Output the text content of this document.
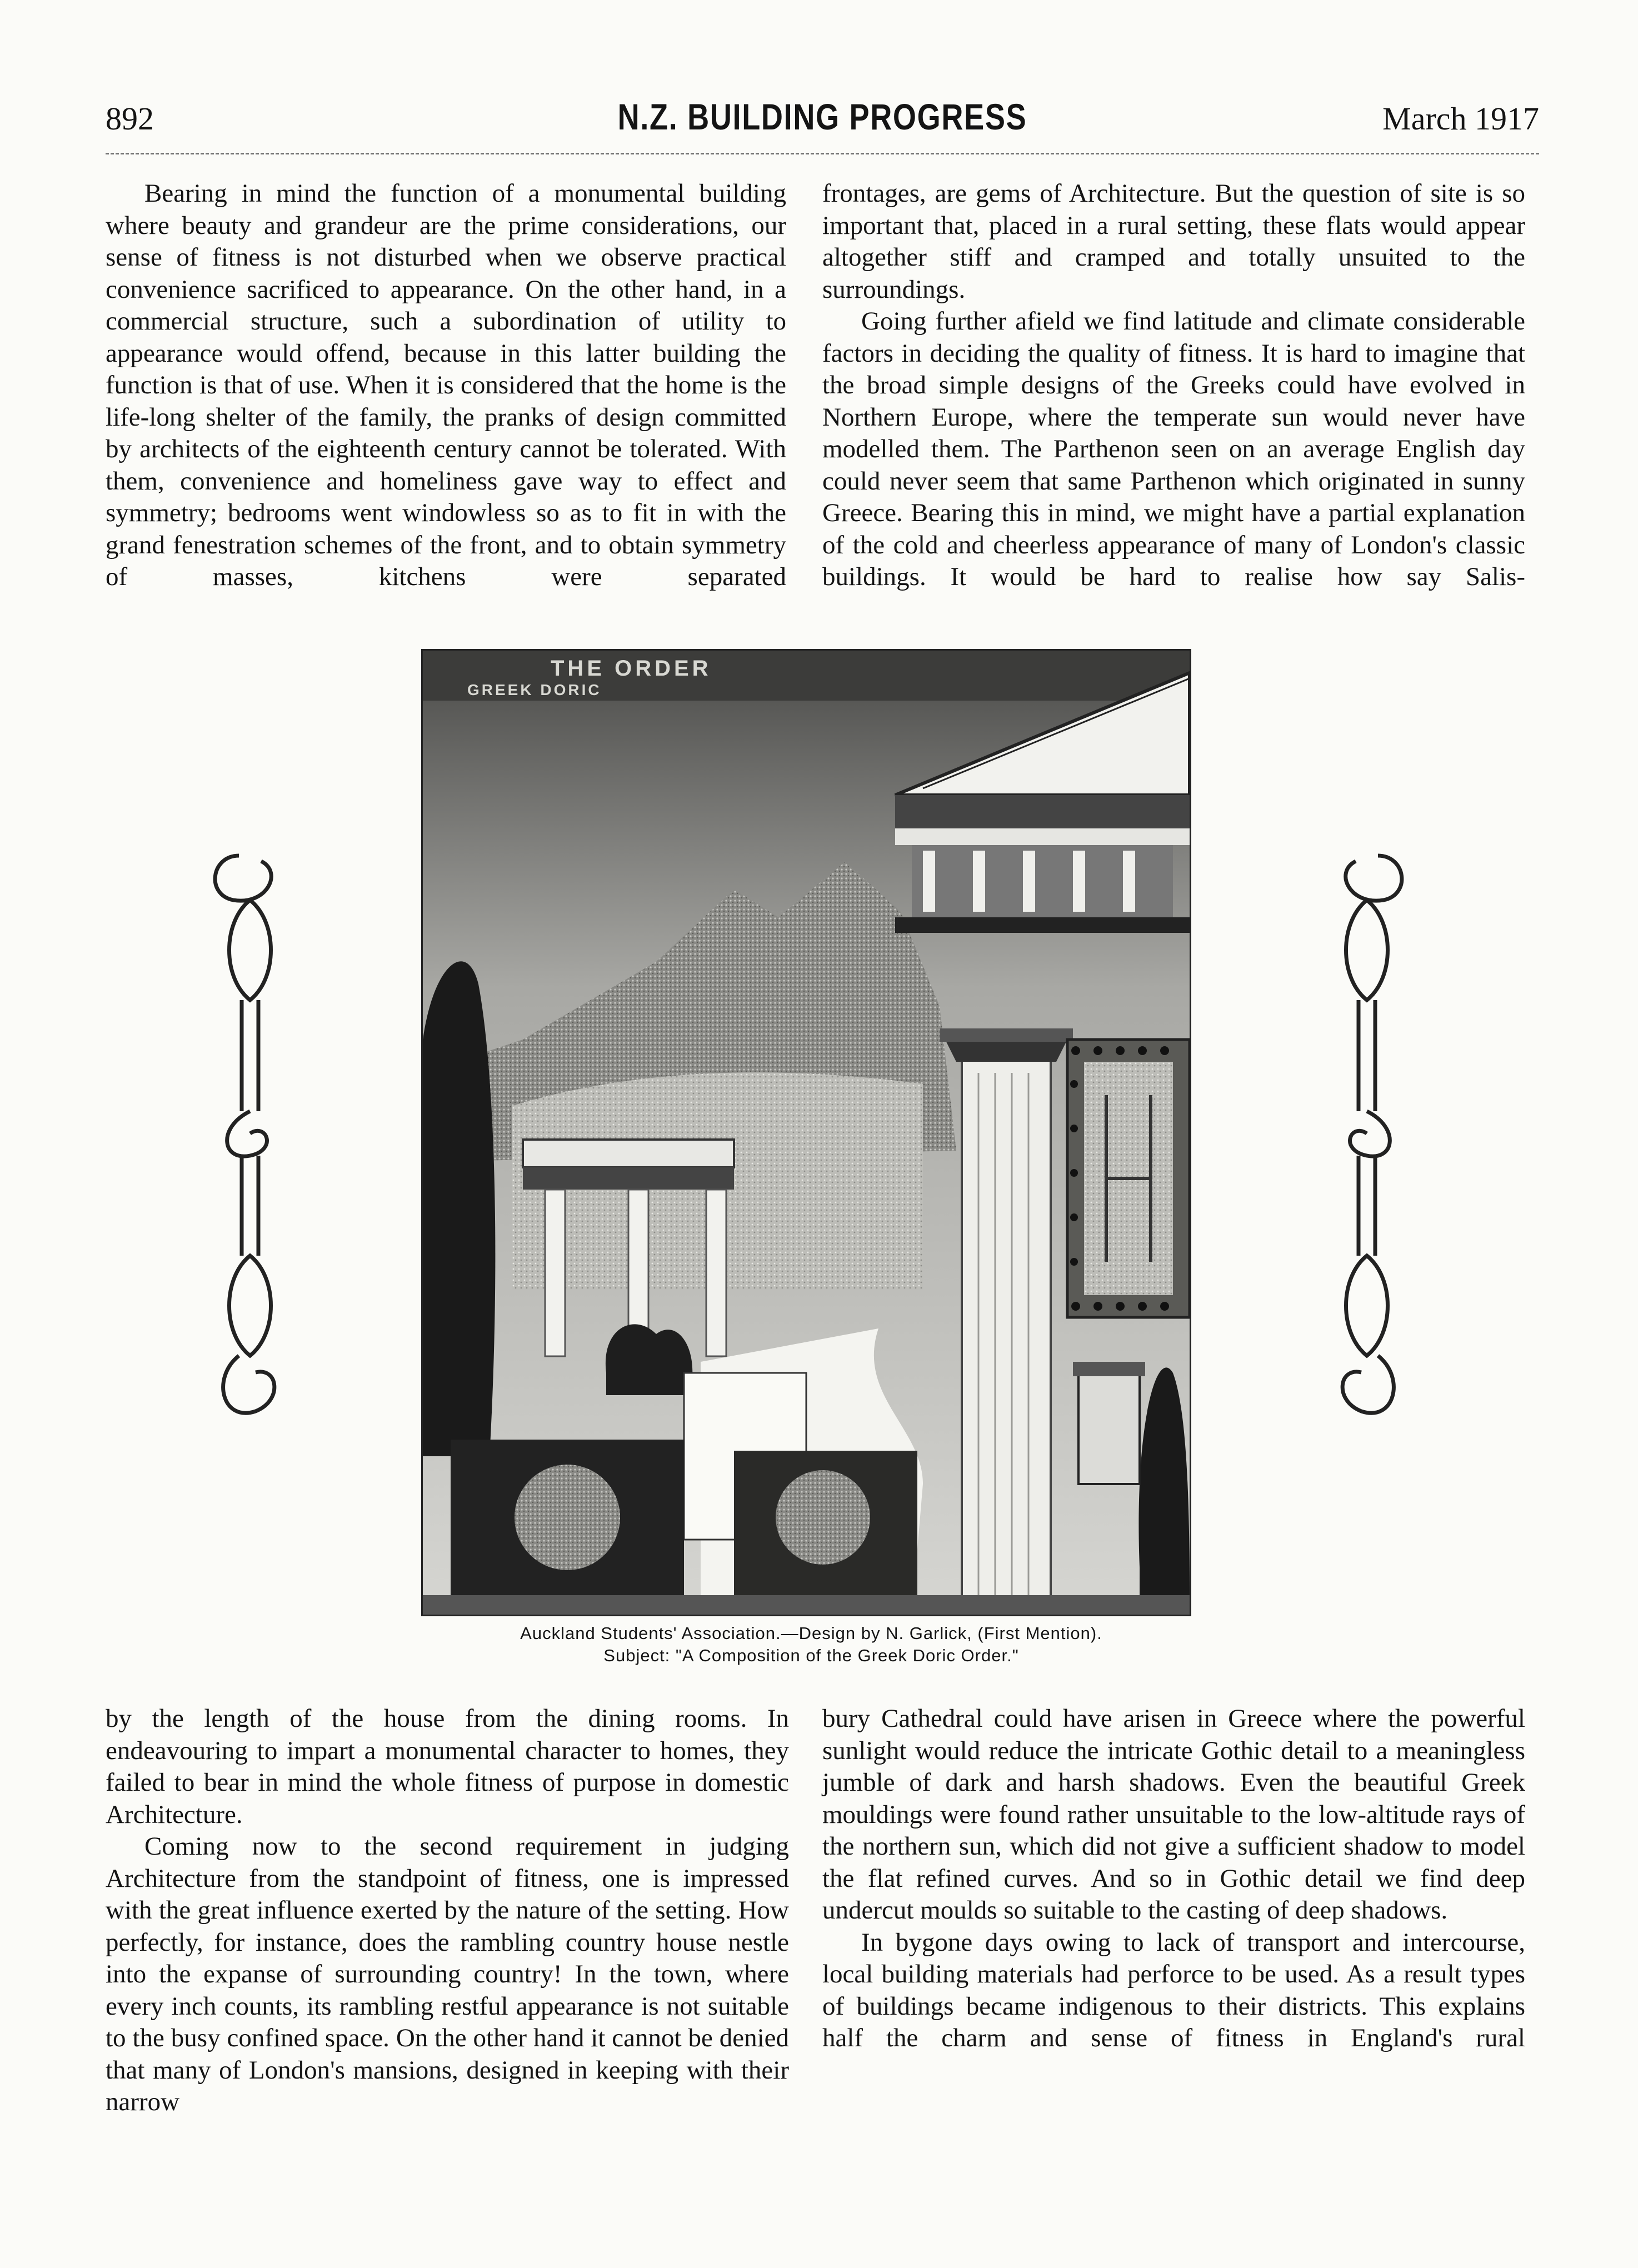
892	N.Z. BUILDING PROGRESS	March 1917

Bearing in mind the function of a monumental building where beauty and grandeur are the prime considerations, our sense of fitness is not disturbed when we observe practical convenience sacrificed to appearance. On the other hand, in a commercial structure, such a subordination of utility to appearance would offend, because in this latter building the function is that of use. When it is considered that the home is the life-long shelter of the family, the pranks of design committed by architects of the eighteenth century cannot be tolerated. With them, convenience and homeliness gave way to effect and symmetry; bedrooms went windowless so as to fit in with the grand fenestration schemes of the front, and to obtain symmetry of masses, kitchens were separated

frontages, are gems of Architecture. But the question of site is so important that, placed in a rural setting, these flats would appear altogether stiff and cramped and totally unsuited to the surroundings.

Going further afield we find latitude and climate considerable factors in deciding the quality of fitness. It is hard to imagine that the broad simple designs of the Greeks could have evolved in Northern Europe, where the temperate sun would never have modelled them. The Parthenon seen on an average English day could never seem that same Parthenon which originated in sunny Greece. Bearing this in mind, we might have a partial explanation of the cold and cheerless appearance of many of London's classic buildings. It would be hard to realise how say Salis-

THE ORDER
GREEK DORIC
Auckland Students' Association.—Design by N. Garlick, (First Mention).
Subject: "A Composition of the Greek Doric Order."

by the length of the house from the dining rooms. In endeavouring to impart a monumental character to homes, they failed to bear in mind the whole fitness of purpose in domestic Architecture.

Coming now to the second requirement in judging Architecture from the standpoint of fitness, one is impressed with the great influence exerted by the nature of the setting. How perfectly, for instance, does the rambling country house nestle into the expanse of surrounding country! In the town, where every inch counts, its rambling restful appearance is not suitable to the busy confined space. On the other hand it cannot be denied that many of London's mansions, designed in keeping with their narrow

bury Cathedral could have arisen in Greece where the powerful sunlight would reduce the intricate Gothic detail to a meaningless jumble of dark and harsh shadows. Even the beautiful Greek mouldings were found rather unsuitable to the low-altitude rays of the northern sun, which did not give a sufficient shadow to model the flat refined curves. And so in Gothic detail we find deep undercut moulds so suitable to the casting of deep shadows.

In bygone days owing to lack of transport and intercourse, local building materials had perforce to be used. As a result types of buildings became indigenous to their districts. This explains half the charm and sense of fitness in England's rural
